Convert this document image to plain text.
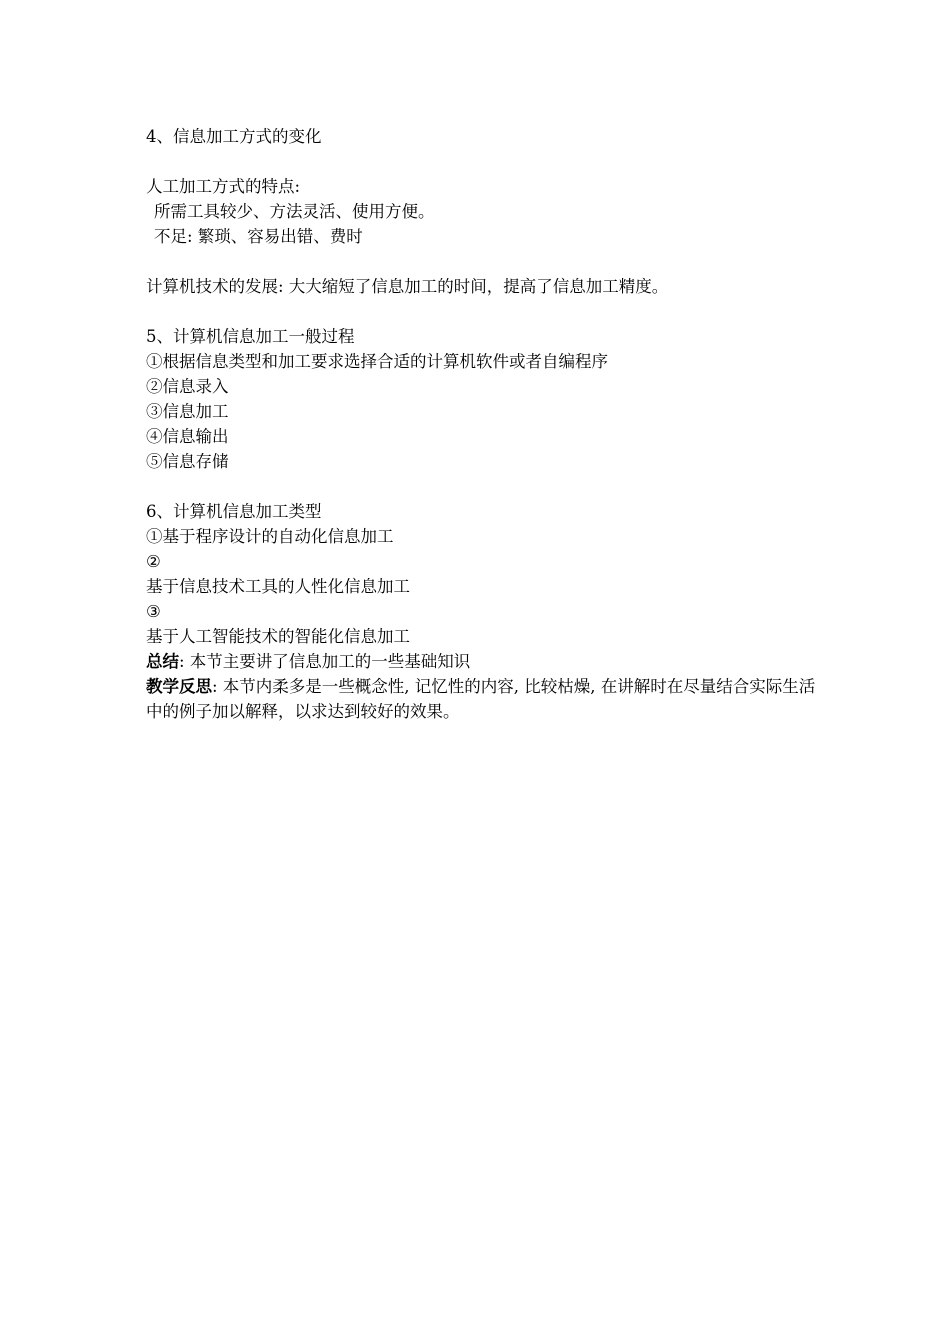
4、信息加工方式的变化
人工加工方式的特点:
所需工具较少、方法灵活、使用方便。
不足: 繁琐、容易出错、费时
计算机技术的发展: 大大缩短了信息加工的时间，提高了信息加工精度。
5、计算机信息加工一般过程
①根据信息类型和加工要求选择合适的计算机软件或者自编程序
②信息录入
③信息加工
④信息输出
⑤信息存储
6、计算机信息加工类型
①基于程序设计的自动化信息加工
②
基于信息技术工具的人性化信息加工
③
基于人工智能技术的智能化信息加工
总结: 本节主要讲了信息加工的一些基础知识
教学反思: 本节内柔多是一些概念性, 记忆性的内容, 比较枯燥, 在讲解时在尽量结合实际生活中的例子加以解释，以求达到较好的效果。
